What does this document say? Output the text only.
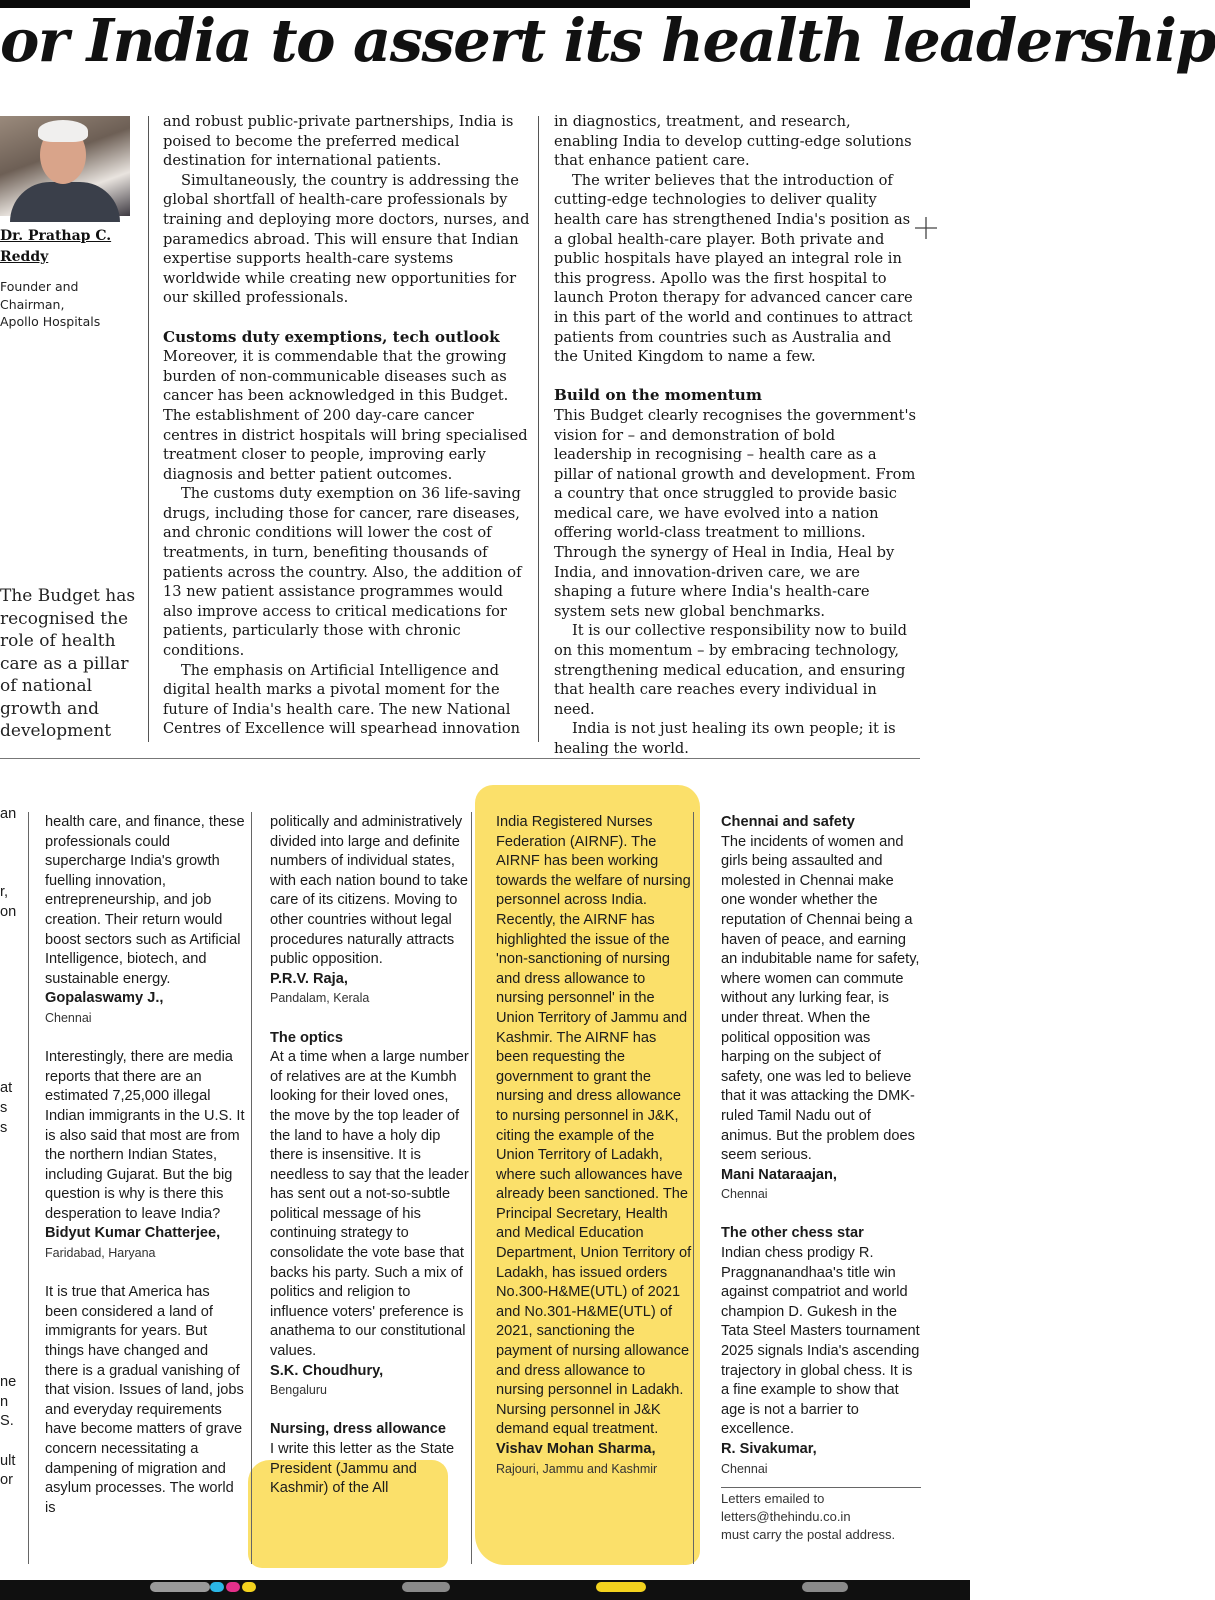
or India to assert its health leadership
Dr. Prathap C.
Reddy
Founder and
Chairman,
Apollo Hospitals
The Budget has
recognised the
role of health
care as a pillar
of national
growth and
development

and robust public-private partnerships, India is poised to become the preferred medical destination for international patients.

Simultaneously, the country is addressing the global shortfall of health-care professionals by training and deploying more doctors, nurses, and paramedics abroad. This will ensure that Indian expertise supports health-care systems worldwide while creating new opportunities for our skilled professionals.

Customs duty exemptions, tech outlook

Moreover, it is commendable that the growing burden of non-communicable diseases such as cancer has been acknowledged in this Budget. The establishment of 200 day-care cancer centres in district hospitals will bring specialised treatment closer to people, improving early diagnosis and better patient outcomes.

The customs duty exemption on 36 life-saving drugs, including those for cancer, rare diseases, and chronic conditions will lower the cost of treatments, in turn, benefiting thousands of patients across the country. Also, the addition of 13 new patient assistance programmes would also improve access to critical medications for patients, particularly those with chronic conditions.

The emphasis on Artificial Intelligence and digital health marks a pivotal moment for the future of India's health care. The new National Centres of Excellence will spearhead innovation

in diagnostics, treatment, and research, enabling India to develop cutting-edge solutions that enhance patient care.

The writer believes that the introduction of cutting-edge technologies to deliver quality health care has strengthened India's position as a global health-care player. Both private and public hospitals have played an integral role in this progress. Apollo was the first hospital to launch Proton therapy for advanced cancer care in this part of the world and continues to attract patients from countries such as Australia and the United Kingdom to name a few.

Build on the momentum

This Budget clearly recognises the government's vision for – and demonstration of bold leadership in recognising – health care as a pillar of national growth and development. From a country that once struggled to provide basic medical care, we have evolved into a nation offering world-class treatment to millions. Through the synergy of Heal in India, Heal by India, and innovation-driven care, we are shaping a future where India's health-care system sets new global benchmarks.

It is our collective responsibility now to build on this momentum – by embracing technology, strengthening medical education, and ensuring that health care reaches every individual in need.

India is not just healing its own people; it is healing the world.

an
r,
on
at
s
s
ne
n
S.
ult
or

health care, and finance, these professionals could supercharge India's growth fuelling innovation, entrepreneurship, and job creation. Their return would boost sectors such as Artificial Intelligence, biotech, and sustainable energy.

Gopalaswamy J.,

Chennai

Interestingly, there are media reports that there are an estimated 7,25,000 illegal Indian immigrants in the U.S. It is also said that most are from the northern Indian States, including Gujarat. But the big question is why is there this desperation to leave India?

Bidyut Kumar Chatterjee,

Faridabad, Haryana

It is true that America has been considered a land of immigrants for years. But things have changed and there is a gradual vanishing of that vision. Issues of land, jobs and everyday requirements have become matters of grave concern necessitating a dampening of migration and asylum processes. The world is

politically and administratively divided into large and definite numbers of individual states, with each nation bound to take care of its citizens. Moving to other countries without legal procedures naturally attracts public opposition.

P.R.V. Raja,

Pandalam, Kerala

The optics

At a time when a large number of relatives are at the Kumbh looking for their loved ones, the move by the top leader of the land to have a holy dip there is insensitive. It is needless to say that the leader has sent out a not-so-subtle political message of his continuing strategy to consolidate the vote base that backs his party. Such a mix of politics and religion to influence voters' preference is anathema to our constitutional values.

S.K. Choudhury,

Bengaluru

Nursing, dress allowance

I write this letter as the State President (Jammu and Kashmir) of the All

India Registered Nurses Federation (AIRNF). The AIRNF has been working towards the welfare of nursing personnel across India. Recently, the AIRNF has highlighted the issue of the 'non-sanctioning of nursing and dress allowance to nursing personnel' in the Union Territory of Jammu and Kashmir. The AIRNF has been requesting the government to grant the nursing and dress allowance to nursing personnel in J&K, citing the example of the Union Territory of Ladakh, where such allowances have already been sanctioned. The Principal Secretary, Health and Medical Education Department, Union Territory of Ladakh, has issued orders No.300-H&ME(UTL) of 2021 and No.301-H&ME(UTL) of 2021, sanctioning the payment of nursing allowance and dress allowance to nursing personnel in Ladakh. Nursing personnel in J&K demand equal treatment.

Vishav Mohan Sharma,

Rajouri, Jammu and Kashmir

Chennai and safety

The incidents of women and girls being assaulted and molested in Chennai make one wonder whether the reputation of Chennai being a haven of peace, and earning an indubitable name for safety, where women can commute without any lurking fear, is under threat. When the political opposition was harping on the subject of safety, one was led to believe that it was attacking the DMK-ruled Tamil Nadu out of animus. But the problem does seem serious.

Mani Nataraajan,

Chennai

The other chess star

Indian chess prodigy R. Praggnanandhaa's title win against compatriot and world champion D. Gukesh in the Tata Steel Masters tournament 2025 signals India's ascending trajectory in global chess. It is a fine example to show that age is not a barrier to excellence.

R. Sivakumar,

Chennai

Letters emailed to

letters@thehindu.co.in

must carry the postal address.
